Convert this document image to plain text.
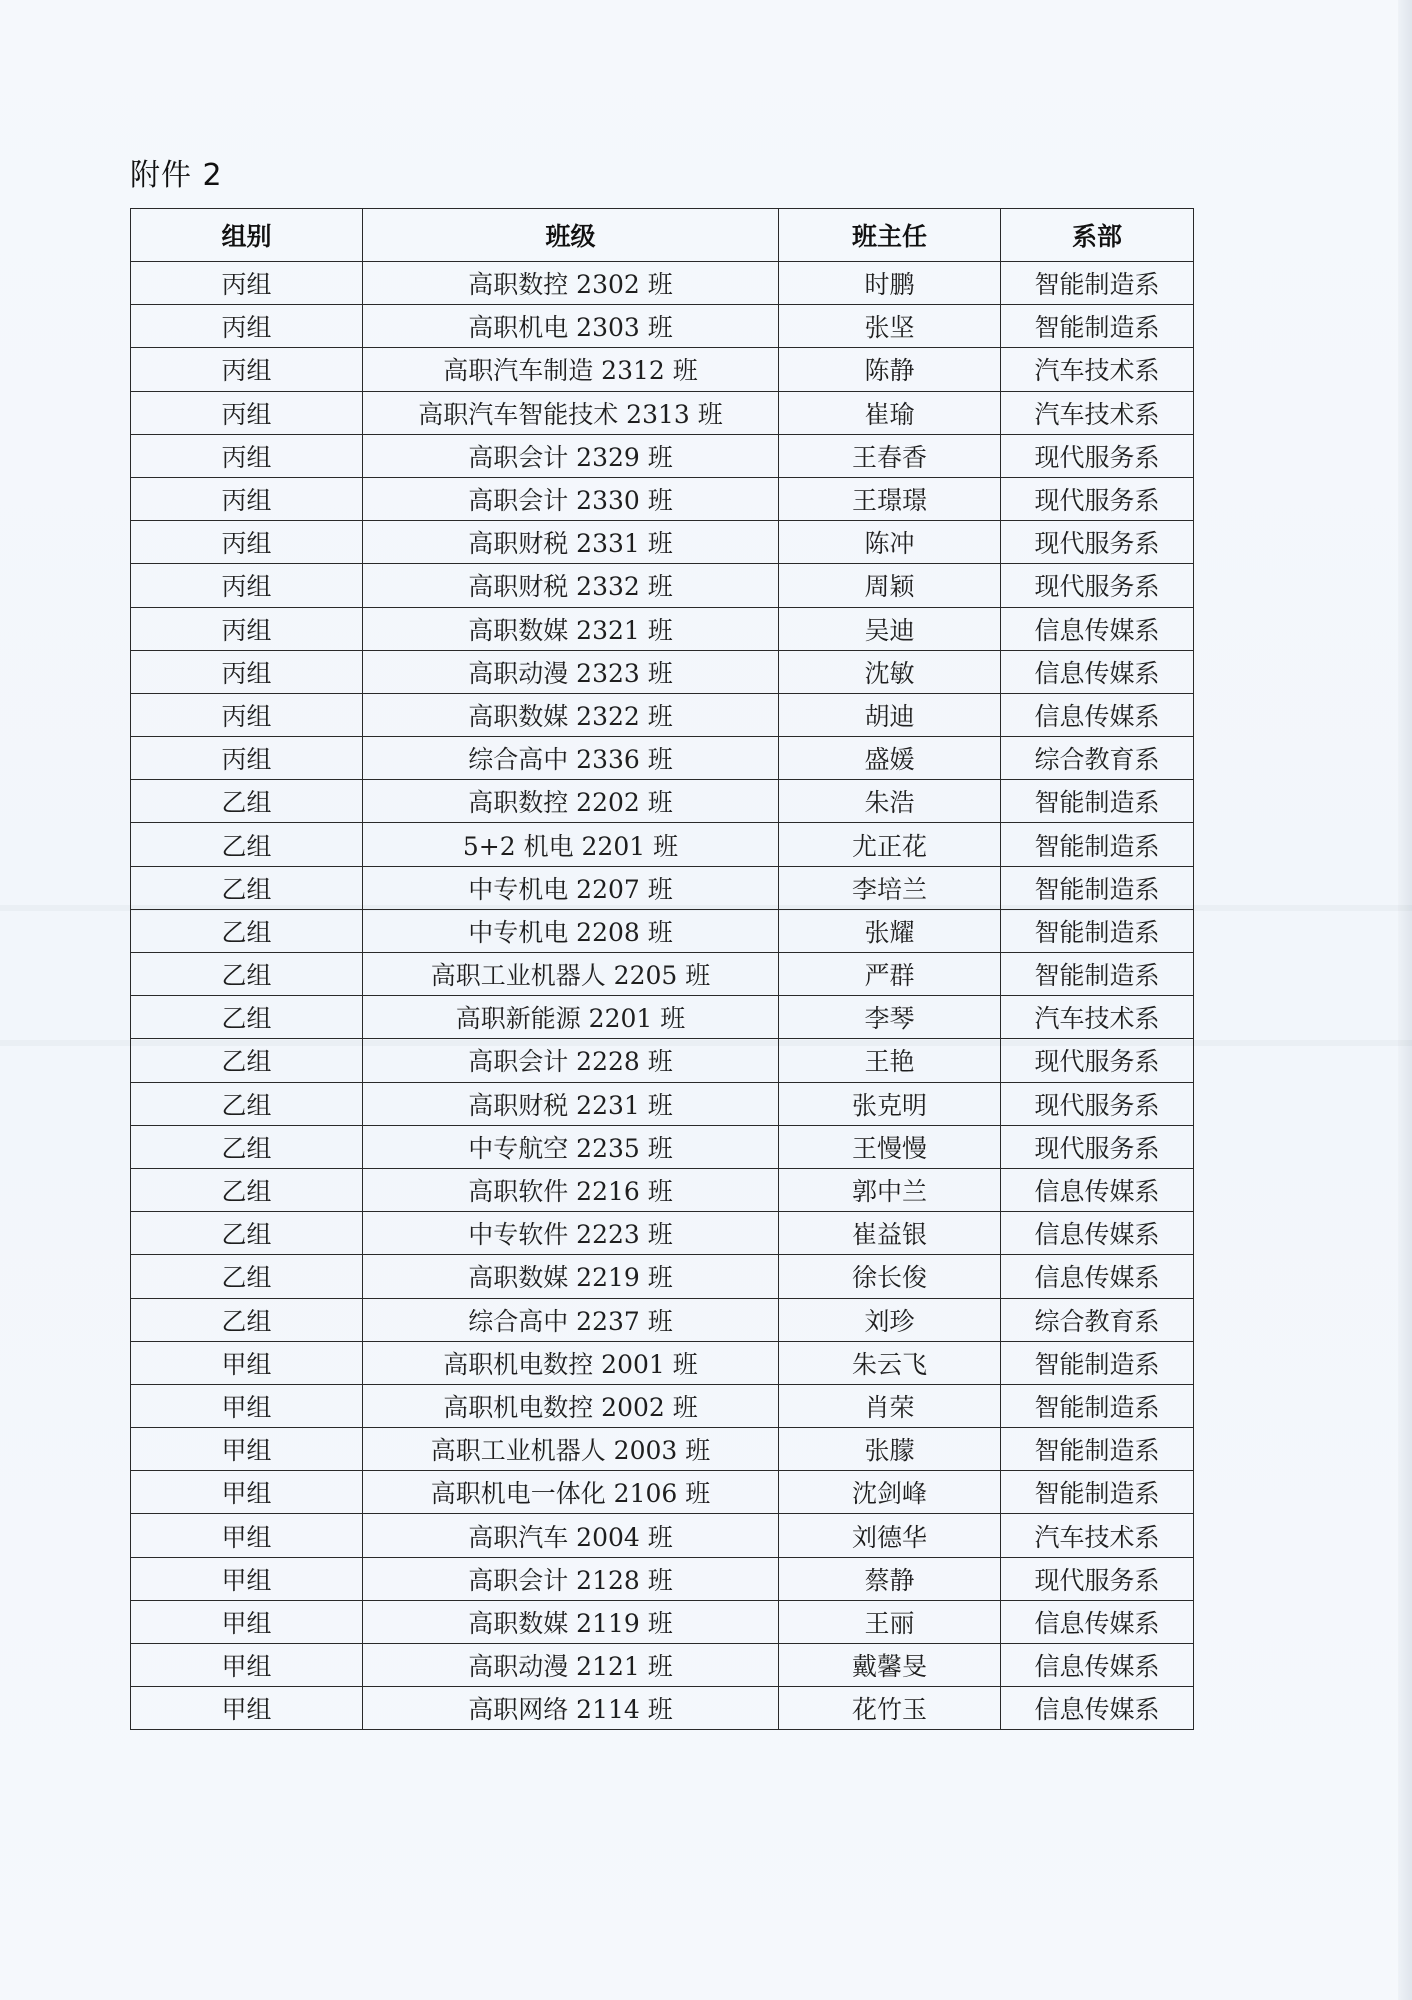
附件 2
组别	班级	班主任	系部
丙组	高职数控 2302 班	时鹏	智能制造系
丙组	高职机电 2303 班	张坚	智能制造系
丙组	高职汽车制造 2312 班	陈静	汽车技术系
丙组	高职汽车智能技术 2313 班	崔瑜	汽车技术系
丙组	高职会计 2329 班	王春香	现代服务系
丙组	高职会计 2330 班	王璟璟	现代服务系
丙组	高职财税 2331 班	陈冲	现代服务系
丙组	高职财税 2332 班	周颖	现代服务系
丙组	高职数媒 2321 班	吴迪	信息传媒系
丙组	高职动漫 2323 班	沈敏	信息传媒系
丙组	高职数媒 2322 班	胡迪	信息传媒系
丙组	综合高中 2336 班	盛媛	综合教育系
乙组	高职数控 2202 班	朱浩	智能制造系
乙组	5+2 机电 2201 班	尤正花	智能制造系
乙组	中专机电 2207 班	李培兰	智能制造系
乙组	中专机电 2208 班	张耀	智能制造系
乙组	高职工业机器人 2205 班	严群	智能制造系
乙组	高职新能源 2201 班	李琴	汽车技术系
乙组	高职会计 2228 班	王艳	现代服务系
乙组	高职财税 2231 班	张克明	现代服务系
乙组	中专航空 2235 班	王慢慢	现代服务系
乙组	高职软件 2216 班	郭中兰	信息传媒系
乙组	中专软件 2223 班	崔益银	信息传媒系
乙组	高职数媒 2219 班	徐长俊	信息传媒系
乙组	综合高中 2237 班	刘珍	综合教育系
甲组	高职机电数控 2001 班	朱云飞	智能制造系
甲组	高职机电数控 2002 班	肖荣	智能制造系
甲组	高职工业机器人 2003 班	张朦	智能制造系
甲组	高职机电一体化 2106 班	沈剑峰	智能制造系
甲组	高职汽车 2004 班	刘德华	汽车技术系
甲组	高职会计 2128 班	蔡静	现代服务系
甲组	高职数媒 2119 班	王丽	信息传媒系
甲组	高职动漫 2121 班	戴馨旻	信息传媒系
甲组	高职网络 2114 班	花竹玉	信息传媒系
